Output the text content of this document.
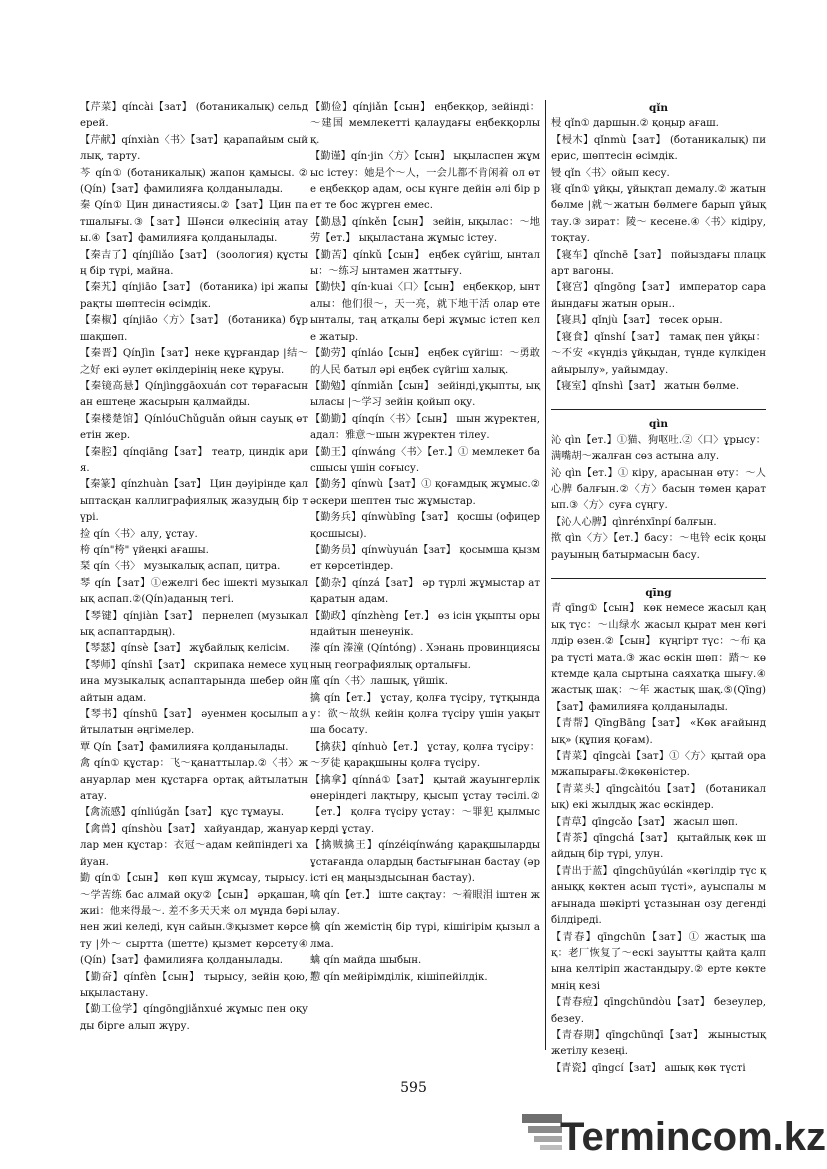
【芹菜】qíncài【зат】 (ботаникалық) сельдерей.

【芹献】qínxiàn〈书〉【зат】қарапайым сыйлық, тарту.

芩 qín① (ботаникалық) жапон қамысы. ②(Qín)【зат】фамилияға қолданылады.

秦 Qín① Цин династиясы.②【зат】Цин патшалығы.③【зат】Шәнси өлкесінің атауы.④【зат】фамилияға қолданылады.

【秦吉了】qínjíliǎo【зат】 (зоология) құстың бір түрі, майна.

【秦艽】qínjiāo【зат】 (ботаника) ірі жапырақты шөптесін өсімдік.

【秦椒】qínjiāo〈方〉【зат】 (ботаника) бұршақшөп.

【秦晋】QínJìn【зат】неке құрғандар |结～之好 екі әулет өкілдерінің неке құруы.

【秦镜高悬】Qínjìnggāoxuán сот төрағасынан ештеңе жасырын қалмайды.

【秦楼楚馆】QínlóuChǔguǎn ойын сауық өтетін жер.

【秦腔】qínqiāng【зат】 театр, циндік ария.

【秦篆】qínzhuàn【зат】 Цин дәуірінде қалыптасқан каллиграфиялық жазудың бір түрі.

捡 qín〈书〉алу, ұстау.

桍 qín"桍" үйеңкі ағашы.

琹 qín〈书〉 музыкалық аспап, цитра.

琴 qín【зат】①ежелгі бес ішекті музыкалық аспап.②(Qín)аданың тегі.

【琴键】qínjiàn【зат】 пернелеп (музыкалық аспаптардың).

【琴瑟】qínsè【зат】 жұбайлық келісім.

【琴师】qínshī【зат】 скрипака немесе хуцина музыкалық аспаптарында шебер ойнайтын адам.

【琴书】qínshū【зат】 әуенмен қосылып айтылатын әңгімелер.

覃 Qín【зат】фамилияға қолданылады.

禽 qín① құстар：飞～қанаттылар.②〈书〉жануарлар мен құстарға ортақ айтылатын атау.

【禽流感】qínliúgǎn【зат】 құс тұмауы.

【禽兽】qínshòu【зат】 хайуандар, жануарлар мен құстар：衣冠～адам кейпіндегі хайуан.

勤 qín①【сын】 көп күш жұмсау, тырысу. ～学苦练 бас алмай оқу②【сын】 әрқашан, жиі：他来得最～. 差不多天天来 ол мұнда бәрінен жиі келеді, күн сайын.③қызмет көрсету |外～ сыртта (шетте) қызмет көрсету④(Qín)【зат】фамилияға қолданылады.

【勤奋】qínfèn【сын】 тырысу, зейін қою, ықыластану.

【勤工俭学】qíngōngjiǎnxué жұмыс пен оқуды бірге алып жүру.

【勤俭】qínjiǎn【сын】 еңбекқор, зейінді：～建国 мемлекетті қалаудағы еңбекқорлық.

【勤谨】qín·jin〈方〉【сын】 ықыласпен жұмыс істеу：她是个～人，一会儿都不肯闲着 ол өте еңбекқор адам, осы күнге дейін әлі бір рет те бос жүрген емес.

【勤恳】qínkěn【сын】 зейін, ықылас：～地劳【ет.】 ықыластана жұмыс істеу.

【勤苦】qínkǔ【сын】 еңбек сүйгіш, ынталы：～练习 ынтамен жаттығу.

【勤快】qín·kuai〈口〉【сын】 еңбекқор, ынталы：他们很～，天一亮，就下地干活 олар өте ынталы, таң атқалы бері жұмыс істеп келе жатыр.

【勤劳】qínláo【сын】 еңбек сүйгіш：～勇敢的人民 батыл әрі еңбек сүйгіш халық.

【勤勉】qínmiǎn【сын】 зейінді,ұқыпты, ықыласы |～学习 зейін қойып оқу.

【勤勤】qínqín〈书〉【сын】 шын жүректен, адал：雅意～шын жүректен тілеу.

【勤王】qínwáng〈书〉【ет.】① мемлекет басшысы үшін соғысу.

【勤务】qínwù【зат】① қоғамдық жұмыс.②әскери шептен тыс жұмыстар.

【勤务兵】qínwùbīng【зат】 қосшы (офицер қосшысы).

【勤务员】qínwùyuán【зат】 қосымша қызмет көрсетіндер.

【勤杂】qínzá【зат】 әр түрлі жұмыстар атқаратын адам.

【勤政】qínzhèng【ет.】 өз ісін ұқыпты орындайтын шенеунік.

溱 qín 溱潼 (Qíntóng) . Хэнань провинциясының географиялық орталығы.

廑 qín〈书〉лашық, үйшік.

擒 qín【ет.】 ұстау, қолға түсіру, тұтқындау：欲～故纵 кейін қолға түсіру үшін уақытша босату.

【擒获】qínhuò【ет.】 ұстау, қолға түсіру：～歹徒 қарақшыны қолға түсіру.

【擒拿】qínná①【зат】 қытай жауынгерлік өнеріндегі лақтыру, қысып ұстау тәсілі.②【ет.】 қолға түсіру ұстау：～罪犯 қылмыскерді ұстау.

【擒贼擒王】qínzéiqínwáng қарақшыларды ұстағанда олардың бастығынан бастау (әр істі ең маңыздысынан бастау).

噙 qín【ет.】 іште сақтау：～着眼泪 іштен жылау.

檎 qín жемістің бір түрі, кішігірім қызыл алма.

蠄 qín майда шыбын.

懃 qín мейірімділік, кішіпейілдік.

qǐn

梫 qǐn① даршын.② қоңыр ағаш.

【梫木】qǐnmù【зат】 (ботаникалық) пиерис, шөптесін өсімдік.

锓 qǐn〈书〉ойып кесу.

寝 qǐn① ұйқы, ұйықтап демалу.② жатын бөлме |就～жатын бөлмеге барып ұйықтау.③ зират：陵～ кесене.④〈书〉кідіру, тоқтау.

【寝车】qǐnchē【зат】 пойыздағы плацкарт вагоны.

【寝宫】qǐngōng【зат】 император сарайындағы жатын орын..

【寝具】qǐnjù【зат】 төсек орын.

【寝食】qǐnshí【зат】 тамақ пен ұйқы：～不安 «күндіз ұйқыдан, түнде күлкіден айырылу», уайымдау.

【寝室】qǐnshì【зат】 жатын бөлме.

qìn

沁 qìn【ет.】①猫、狗呕吐.②〈口〉ұрысу：满嘴胡～жалған сөз астына алу.

沁 qìn【ет.】① кіру, арасынан өту：～人心脾 балғын.②〈方〉басын төмен қаратып.③〈方〉суға сүңгу.

【沁人心脾】qìnrénxīnpí балғын.

揿 qìn〈方〉【ет.】басу：～电铃 есік қоңырауының батырмасын басу.

qīng

青 qīng①【сын】 көк немесе жасыл қаңық түс：～山绿水 жасыл қырат мен көгілдір өзен.②【сын】 күңгірт түс：～布 қара түсті мата.③ жас өскін шөп：踏～ көктемде қала сыртына саяхатқа шығу.④ жастық шақ：～年 жастық шақ.⑤(Qīng)【зат】фамилияға қолданылады.

【青帮】QīngBāng【зат】 «Көк ағайындық» (құпия қоғам).

【青菜】qīngcài【зат】①〈方〉қытай орамжапырағы.②көкөністер.

【青菜头】qīngcàitóu【зат】 (ботаникалық) екі жылдық жас өскіндер.

【青草】qīngcǎo【зат】 жасыл шөп.

【青茶】qīngchá【зат】 қытайлық көк шайдың бір түрі, улун.

【青出于蓝】qīngchūyúlán «көгілдір түс қаныққ көктен асып түсті», ауыспалы мағынада шәкірті ұстазынан озу дегенді білдіреді.

【青春】qīngchūn【зат】① жастық шақ：老厂恢复了～ескі зауытты қайта қалпына келтіріп жастандыру.② ерте көктемнің кезі

【青春痘】qīngchūndòu【зат】 безеулер, безеу.

【青春期】qīngchūnqī【зат】 жыныстық жетілу кезеңі.

【青瓷】qīngcí【зат】 ашық көк түсті

595
Termincom.kz
